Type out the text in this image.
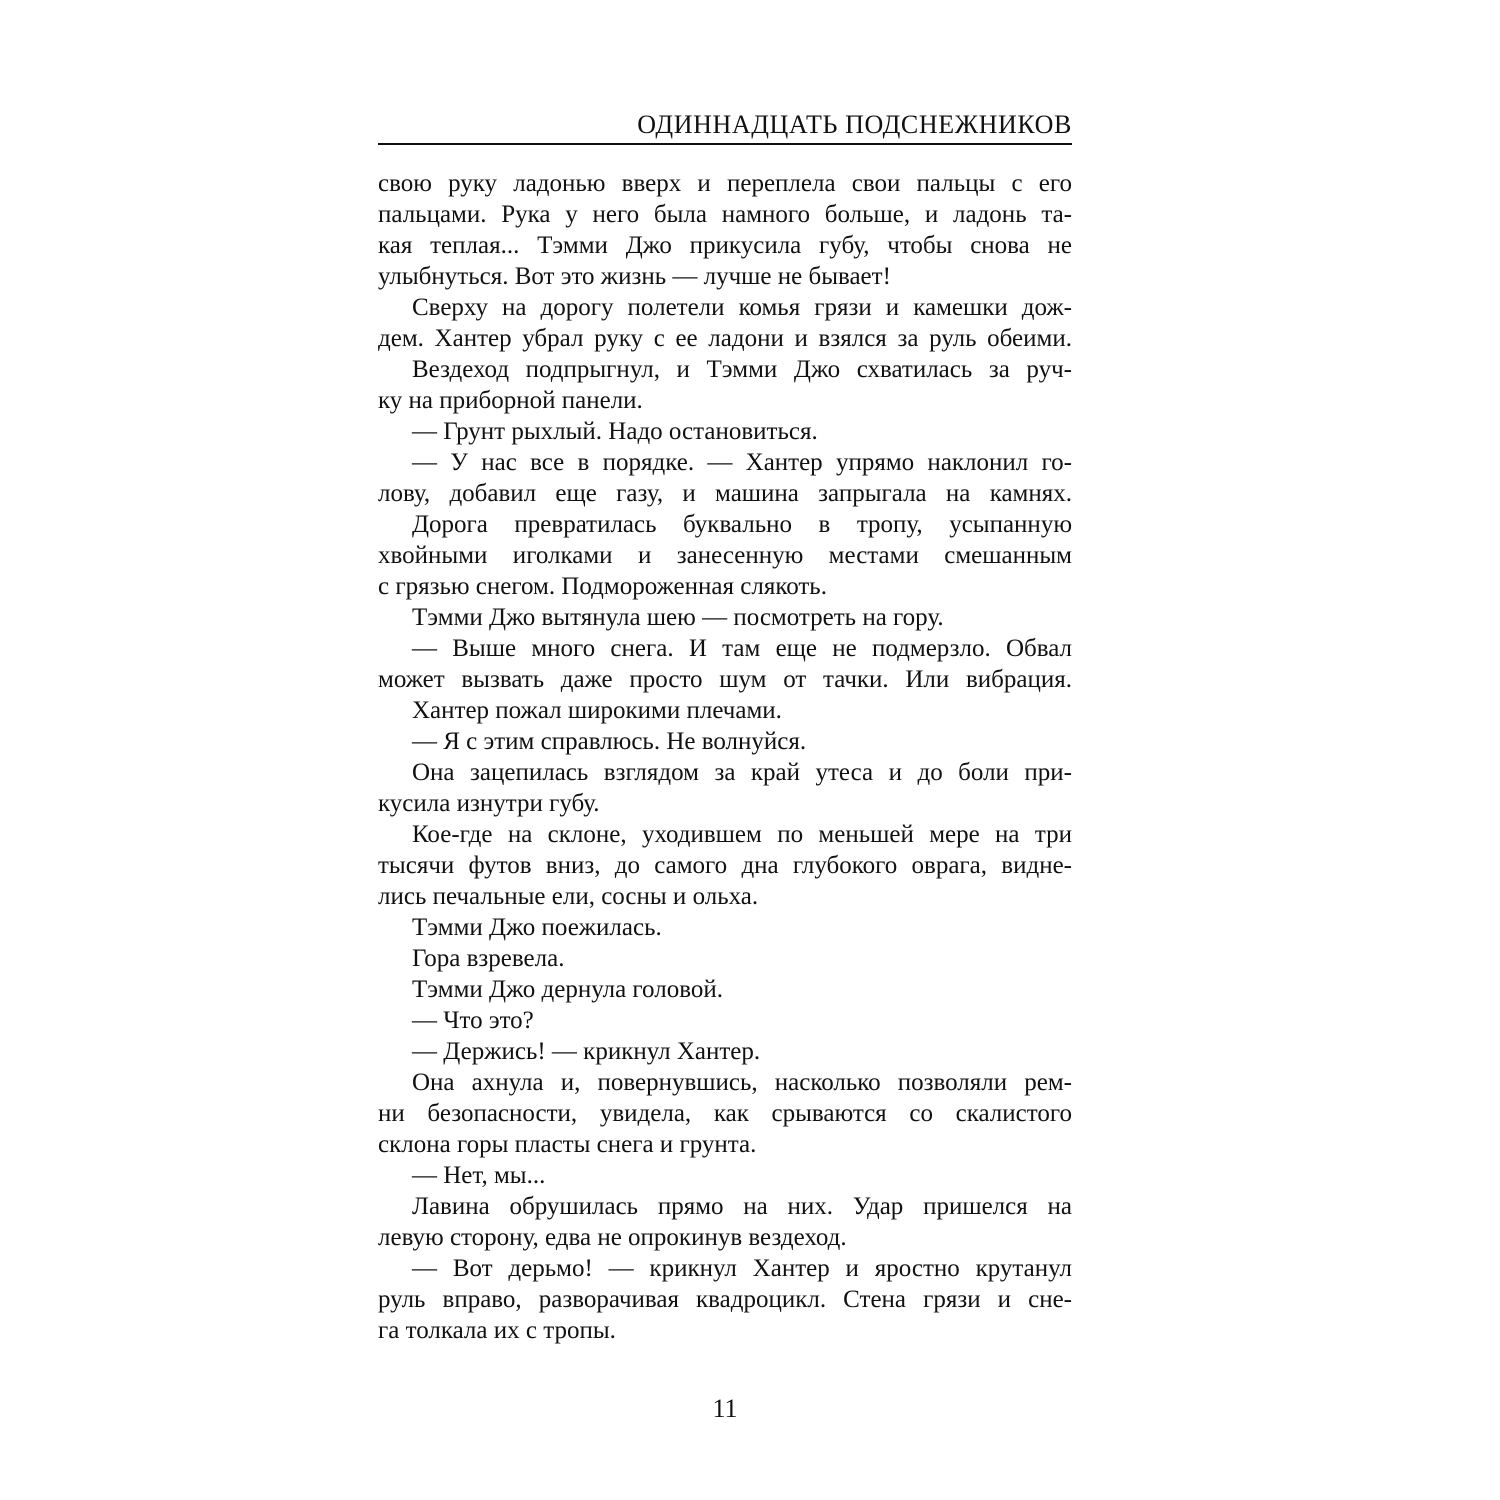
ОДИННАДЦАТЬ ПОДСНЕЖНИКОВ
свою руку ладонью вверх и переплела свои пальцы с его
пальцами. Рука у него была намного больше, и ладонь та-
кая теплая... Тэмми Джо прикусила губу, чтобы снова не
улыбнуться. Вот это жизнь — лучше не бывает!
Сверху на дорогу полетели комья грязи и камешки дож-
дем. Хантер убрал руку с ее ладони и взялся за руль обеими.
Вездеход подпрыгнул, и Тэмми Джо схватилась за руч-
ку на приборной панели.
— Грунт рыхлый. Надо остановиться.
— У нас все в порядке. — Хантер упрямо наклонил го-
лову, добавил еще газу, и машина запрыгала на камнях.
Дорога превратилась буквально в тропу, усыпанную
хвойными иголками и занесенную местами смешанным
с грязью снегом. Подмороженная слякоть.
Тэмми Джо вытянула шею — посмотреть на гору.
— Выше много снега. И там еще не подмерзло. Обвал
может вызвать даже просто шум от тачки. Или вибрация.
Хантер пожал широкими плечами.
— Я с этим справлюсь. Не волнуйся.
Она зацепилась взглядом за край утеса и до боли при-
кусила изнутри губу.
Кое-где на склоне, уходившем по меньшей мере на три
тысячи футов вниз, до самого дна глубокого оврага, видне-
лись печальные ели, сосны и ольха.
Тэмми Джо поежилась.
Гора взревела.
Тэмми Джо дернула головой.
— Что это?
— Держись! — крикнул Хантер.
Она ахнула и, повернувшись, насколько позволяли рем-
ни безопасности, увидела, как срываются со скалистого
склона горы пласты снега и грунта.
— Нет, мы...
Лавина обрушилась прямо на них. Удар пришелся на
левую сторону, едва не опрокинув вездеход.
— Вот дерьмо! — крикнул Хантер и яростно крутанул
руль вправо, разворачивая квадроцикл. Стена грязи и сне-
га толкала их с тропы.
11
